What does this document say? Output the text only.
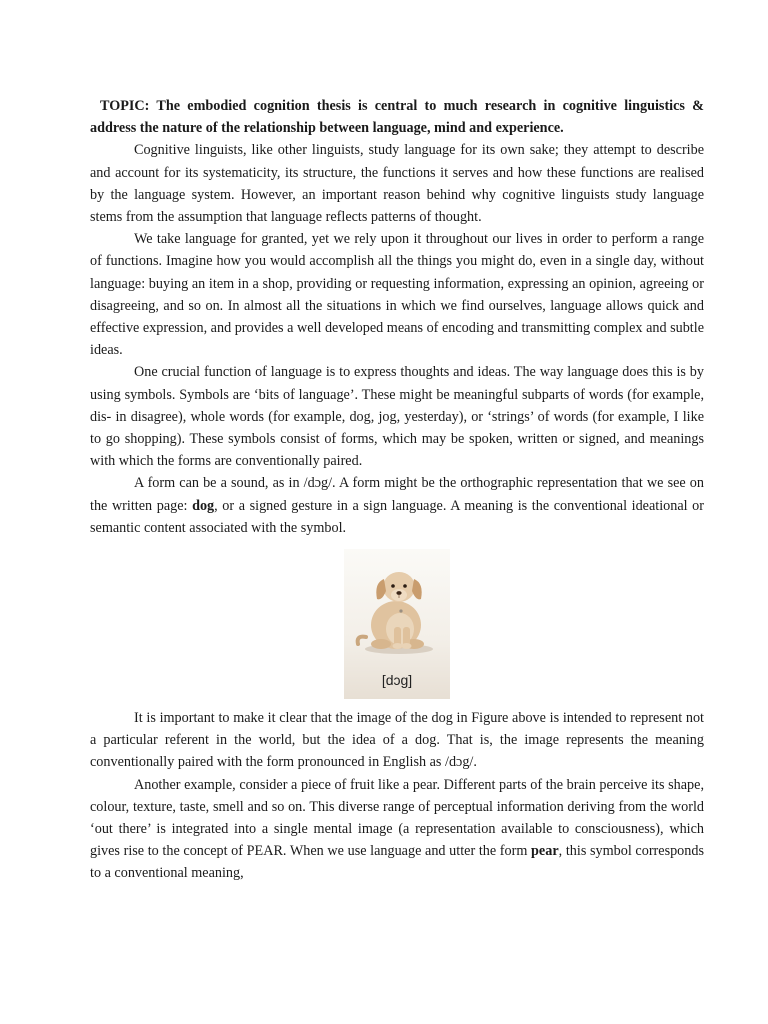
TOPIC: The embodied cognition thesis is central to much research in cognitive linguistics & address the nature of the relationship between language, mind and experience.

Cognitive linguists, like other linguists, study language for its own sake; they attempt to describe and account for its systematicity, its structure, the functions it serves and how these functions are realised by the language system. However, an important reason behind why cognitive linguists study language stems from the assumption that language reflects patterns of thought.

We take language for granted, yet we rely upon it throughout our lives in order to perform a range of functions. Imagine how you would accomplish all the things you might do, even in a single day, without language: buying an item in a shop, providing or requesting information, expressing an opinion, agreeing or disagreeing, and so on. In almost all the situations in which we find ourselves, language allows quick and effective expression, and provides a well developed means of encoding and transmitting complex and subtle ideas.

One crucial function of language is to express thoughts and ideas. The way language does this is by using symbols. Symbols are ‘bits of language’. These might be meaningful subparts of words (for example, dis- in disagree), whole words (for example, dog, jog, yesterday), or ‘strings’ of words (for example, I like to go shopping). These symbols consist of forms, which may be spoken, written or signed, and meanings with which the forms are conventionally paired.

A form can be a sound, as in /dɔg/. A form might be the orthographic representation that we see on the written page: dog, or a signed gesture in a sign language. A meaning is the conventional ideational or semantic content associated with the symbol.

[dɔg]

It is important to make it clear that the image of the dog in Figure above is intended to represent not a particular referent in the world, but the idea of a dog. That is, the image represents the meaning conventionally paired with the form pronounced in English as /dɔg/.

Another example, consider a piece of fruit like a pear. Different parts of the brain perceive its shape, colour, texture, taste, smell and so on. This diverse range of perceptual information deriving from the world ‘out there’ is integrated into a single mental image (a representation available to consciousness), which gives rise to the concept of PEAR. When we use language and utter the form pear, this symbol corresponds to a conventional meaning,
